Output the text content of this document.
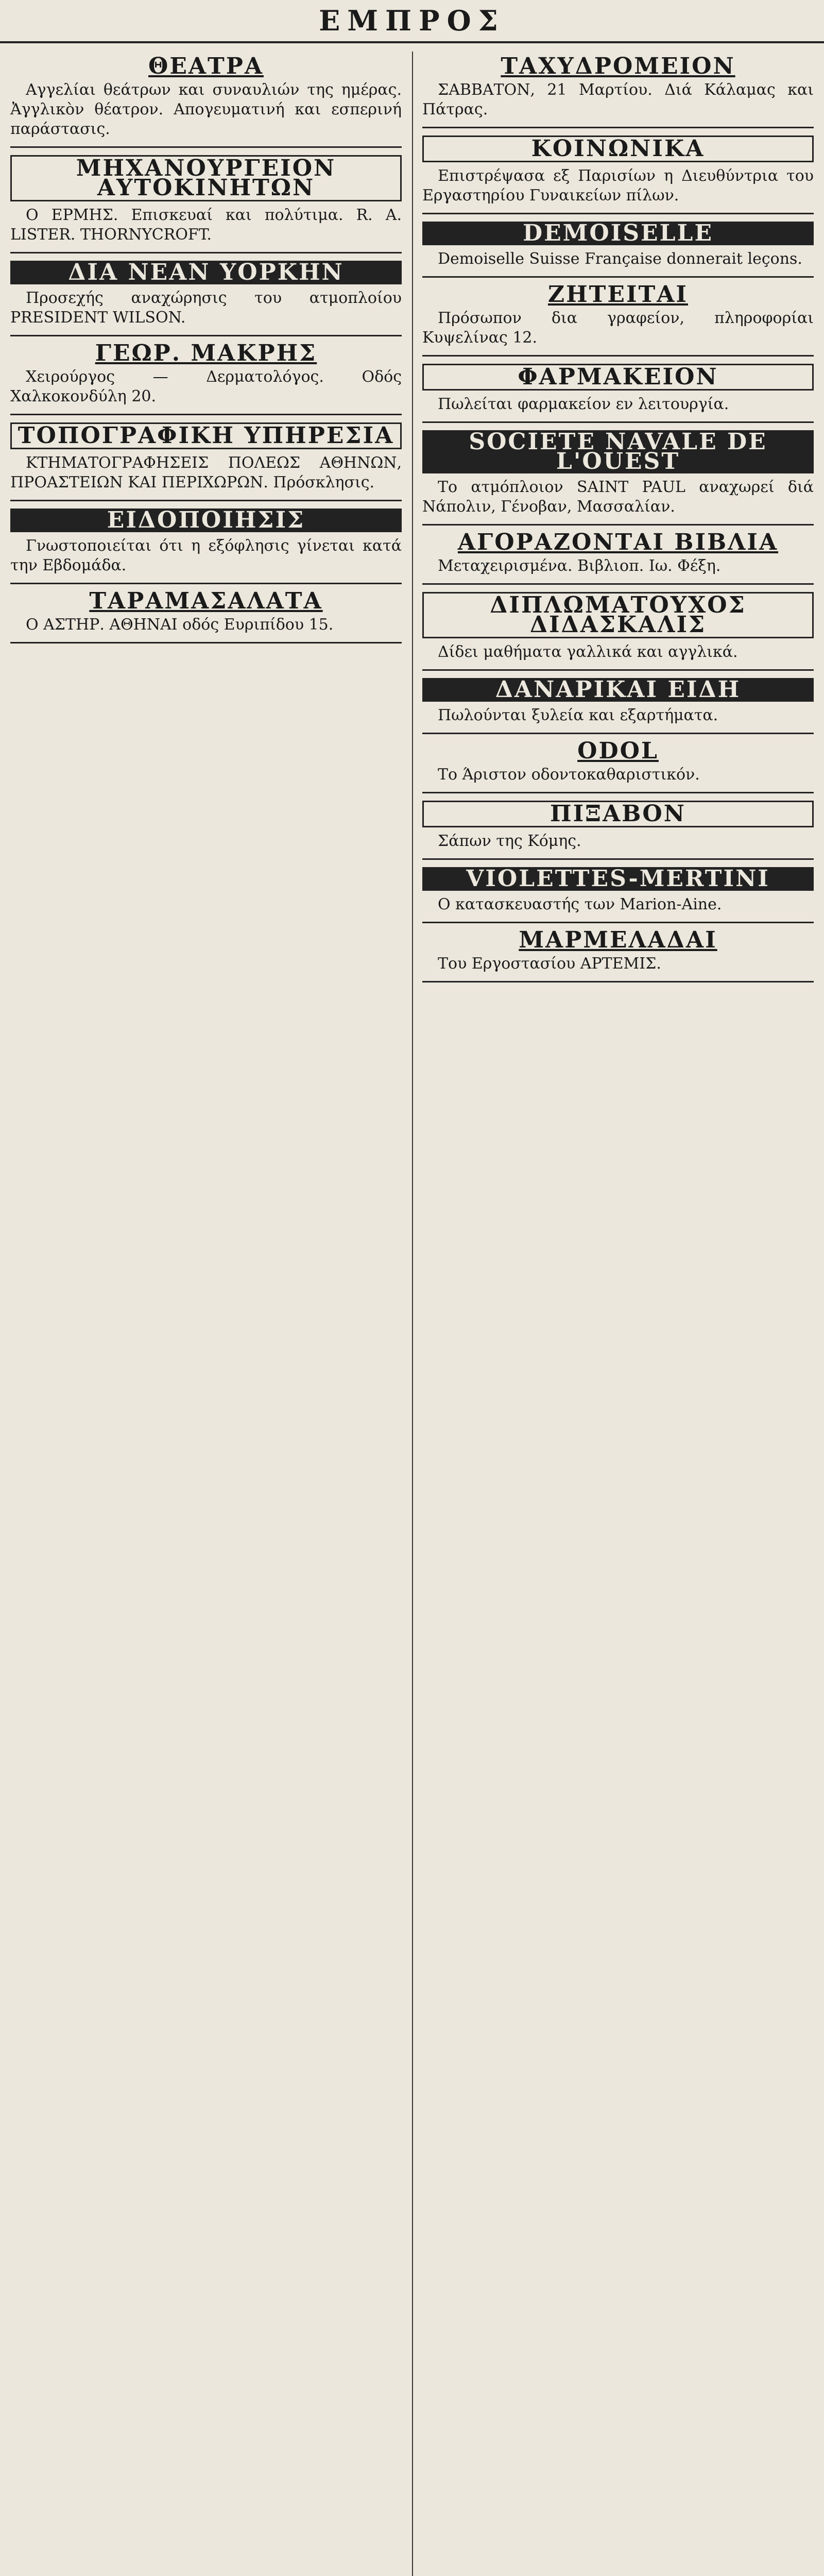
ΕΜΠΡΟΣ
ΘΕΑΤΡΑ
Αγγελίαι θεάτρων και συναυλιών της ημέρας. Ἀγγλικὸν θέατρον. Απογευματινή και εσπερινή παράστασις.
ΜΗΧΑΝΟΥΡΓΕΙΟΝ ΑΥΤΟΚΙΝΗΤΩΝ
Ο ΕΡΜΗΣ. Επισκευαί και πολύτιμα. R. A. LISTER. THORNYCROFT.
ΔΙΑ ΝΕΑΝ ΥΟΡΚΗΝ
Προσεχής αναχώρησις του ατμοπλοίου PRESIDENT WILSON.
ΓΕΩΡ. ΜΑΚΡΗΣ
Χειρούργος — Δερματολόγος. Οδός Χαλκοκονδύλη 20.
ΤΟΠΟΓΡΑΦΙΚΗ ΥΠΗΡΕΣΙΑ
ΚΤΗΜΑΤΟΓΡΑΦΗΣΕΙΣ ΠΟΛΕΩΣ ΑΘΗΝΩΝ, ΠΡΟΑΣΤΕΙΩΝ ΚΑΙ ΠΕΡΙΧΩΡΩΝ. Πρόσκλησις.
ΕΙΔΟΠΟΙΗΣΙΣ
Γνωστοποιείται ότι η εξόφλησις γίνεται κατά την Εβδομάδα.
ΤΑΡΑΜΑΣΑΛΑΤΑ
Ο ΑΣΤΗΡ. ΑΘΗΝΑΙ οδός Ευριπίδου 15.
ΤΑΧΥΔΡΟΜΕΙΟΝ
ΣΑΒΒΑΤΟΝ, 21 Μαρτίου. Διά Κάλαμας και Πάτρας.
ΚΟΙΝΩΝΙΚΑ
Επιστρέψασα εξ Παρισίων η Διευθύντρια του Εργαστηρίου Γυναικείων πίλων.
DEMOISELLE
Demoiselle Suisse Française donnerait leçons.
ΖΗΤΕΙΤΑΙ
Πρόσωπον δια γραφείον, πληροφορίαι Κυψελίνας 12.
ΦΑΡΜΑΚΕΙΟΝ
Πωλείται φαρμακείον εν λειτουργία.
SOCIETE NAVALE DE L'OUEST
Το ατμόπλοιον SAINT PAUL αναχωρεί διά Νάπολιν, Γένοβαν, Μασσαλίαν.
ΑΓΟΡΑΖΟΝΤΑΙ ΒΙΒΛΙΑ
Μεταχειρισμένα. Βιβλιοπ. Ιω. Φέξη.
ΔΙΠΛΩΜΑΤΟΥΧΟΣ ΔΙΔΑΣΚΑΛΙΣ
Δίδει μαθήματα γαλλικά και αγγλικά.
ΔΑΝΑΡΙΚΑΙ ΕΙΔΗ
Πωλούνται ξυλεία και εξαρτήματα.
ODOL
Το Άριστον οδοντοκαθαριστικόν.
ΠΙΞΑΒΟΝ
Σάπων της Κόμης.
VIOLETTES-MERTINI
Ο κατασκευαστής των Marion-Aine.
ΜΑΡΜΕΛΑΔΑΙ
Του Εργοστασίου ΑΡΤΕΜΙΣ.
